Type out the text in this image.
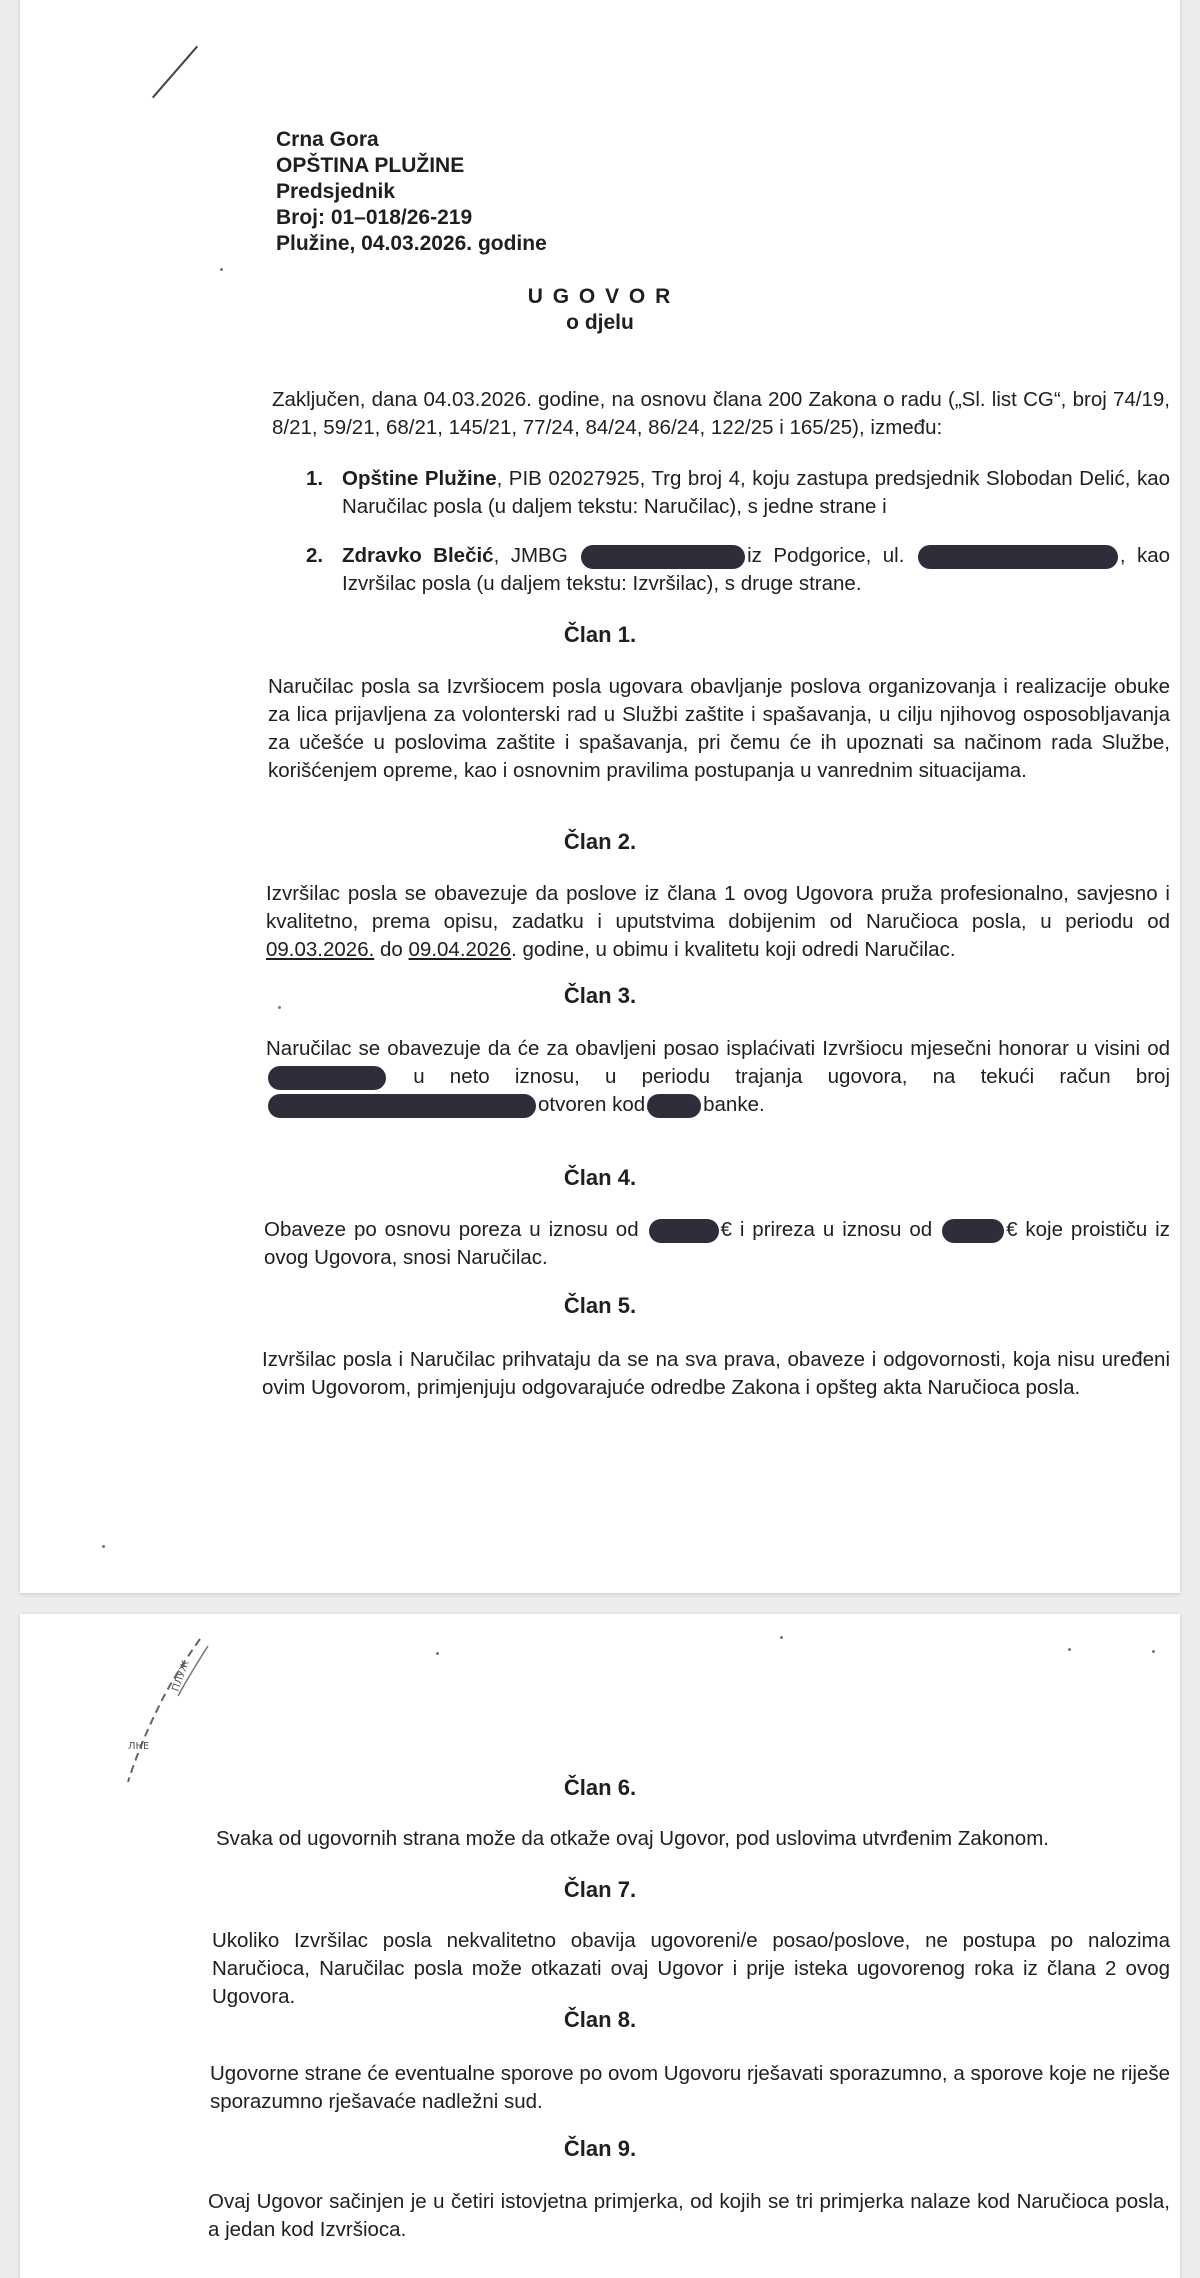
Crna Gora
OPŠTINA PLUŽINE
Predsjednik
Broj: 01–018/26-219
Plužine, 04.03.2026. godine
U G O V O R
o djelu
Zaključen, dana 04.03.2026. godine, na osnovu člana 200 Zakona o radu („Sl. list CG“, broj 74/19, 8/21, 59/21, 68/21, 145/21, 77/24, 84/24, 86/24, 122/25 i 165/25), između:
1. Opštine Plužine, PIB 02027925, Trg broj 4, koju zastupa predsjednik Slobodan Delić, kao Naručilac posla (u daljem tekstu: Naručilac), s jedne strane i
2. Zdravko Blečić, JMBG	iz Podgorice, ul.	, kao Izvršilac posla (u daljem tekstu: Izvršilac), s druge strane.
Član 1.
Naručilac posla sa Izvršiocem posla ugovara obavljanje poslova organizovanja i realizacije obuke za lica prijavljena za volonterski rad u Službi zaštite i spašavanja, u cilju njihovog osposobljavanja za učešće u poslovima zaštite i spašavanja, pri čemu će ih upoznati sa načinom rada Službe, korišćenjem opreme, kao i osnovnim pravilima postupanja u vanrednim situacijama.
Član 2.
Izvršilac posla se obavezuje da poslove iz člana 1 ovog Ugovora pruža profesionalno, savjesno i kvalitetno, prema opisu, zadatku i uputstvima dobijenim od Naručioca posla, u periodu od 09.03.2026. do 09.04.2026. godine, u obimu i kvalitetu koji odredi Naručilac.
Član 3.
Naručilac se obavezuje da će za obavljeni posao isplaćivati Izvršiocu mjesečni honorar u visini od  u neto iznosu, u periodu trajanja ugovora, na tekući račun broj otvoren kod	banke.
Član 4.
Obaveze po osnovu poreza u iznosu od	€ i prireza u iznosu od	€ koje proističu iz ovog Ugovora, snosi Naručilac.
Član 5.
Izvršilac posla i Naručilac prihvataju da se na sva prava, obaveze i odgovornosti, koja nisu uređeni ovim Ugovorom, primjenjuju odgovarajuće odredbe Zakona i opšteg akta Naručioca posla.
ПЛУЖ
ЛНЕ
Član 6.
Svaka od ugovornih strana može da otkaže ovaj Ugovor, pod uslovima utvrđenim Zakonom.
Član 7.
Ukoliko Izvršilac posla nekvalitetno obavija ugovoreni/e posao/poslove, ne postupa po nalozima Naručioca, Naručilac posla može otkazati ovaj Ugovor i prije isteka ugovorenog roka iz člana 2 ovog Ugovora.
Član 8.
Ugovorne strane će eventualne sporove po ovom Ugovoru rješavati sporazumno, a sporove koje ne riješe sporazumno rješavaće nadležni sud.
Član 9.
Ovaj Ugovor sačinjen je u četiri istovjetna primjerka, od kojih se tri primjerka nalaze kod Naručioca posla, a jedan kod Izvršioca.
